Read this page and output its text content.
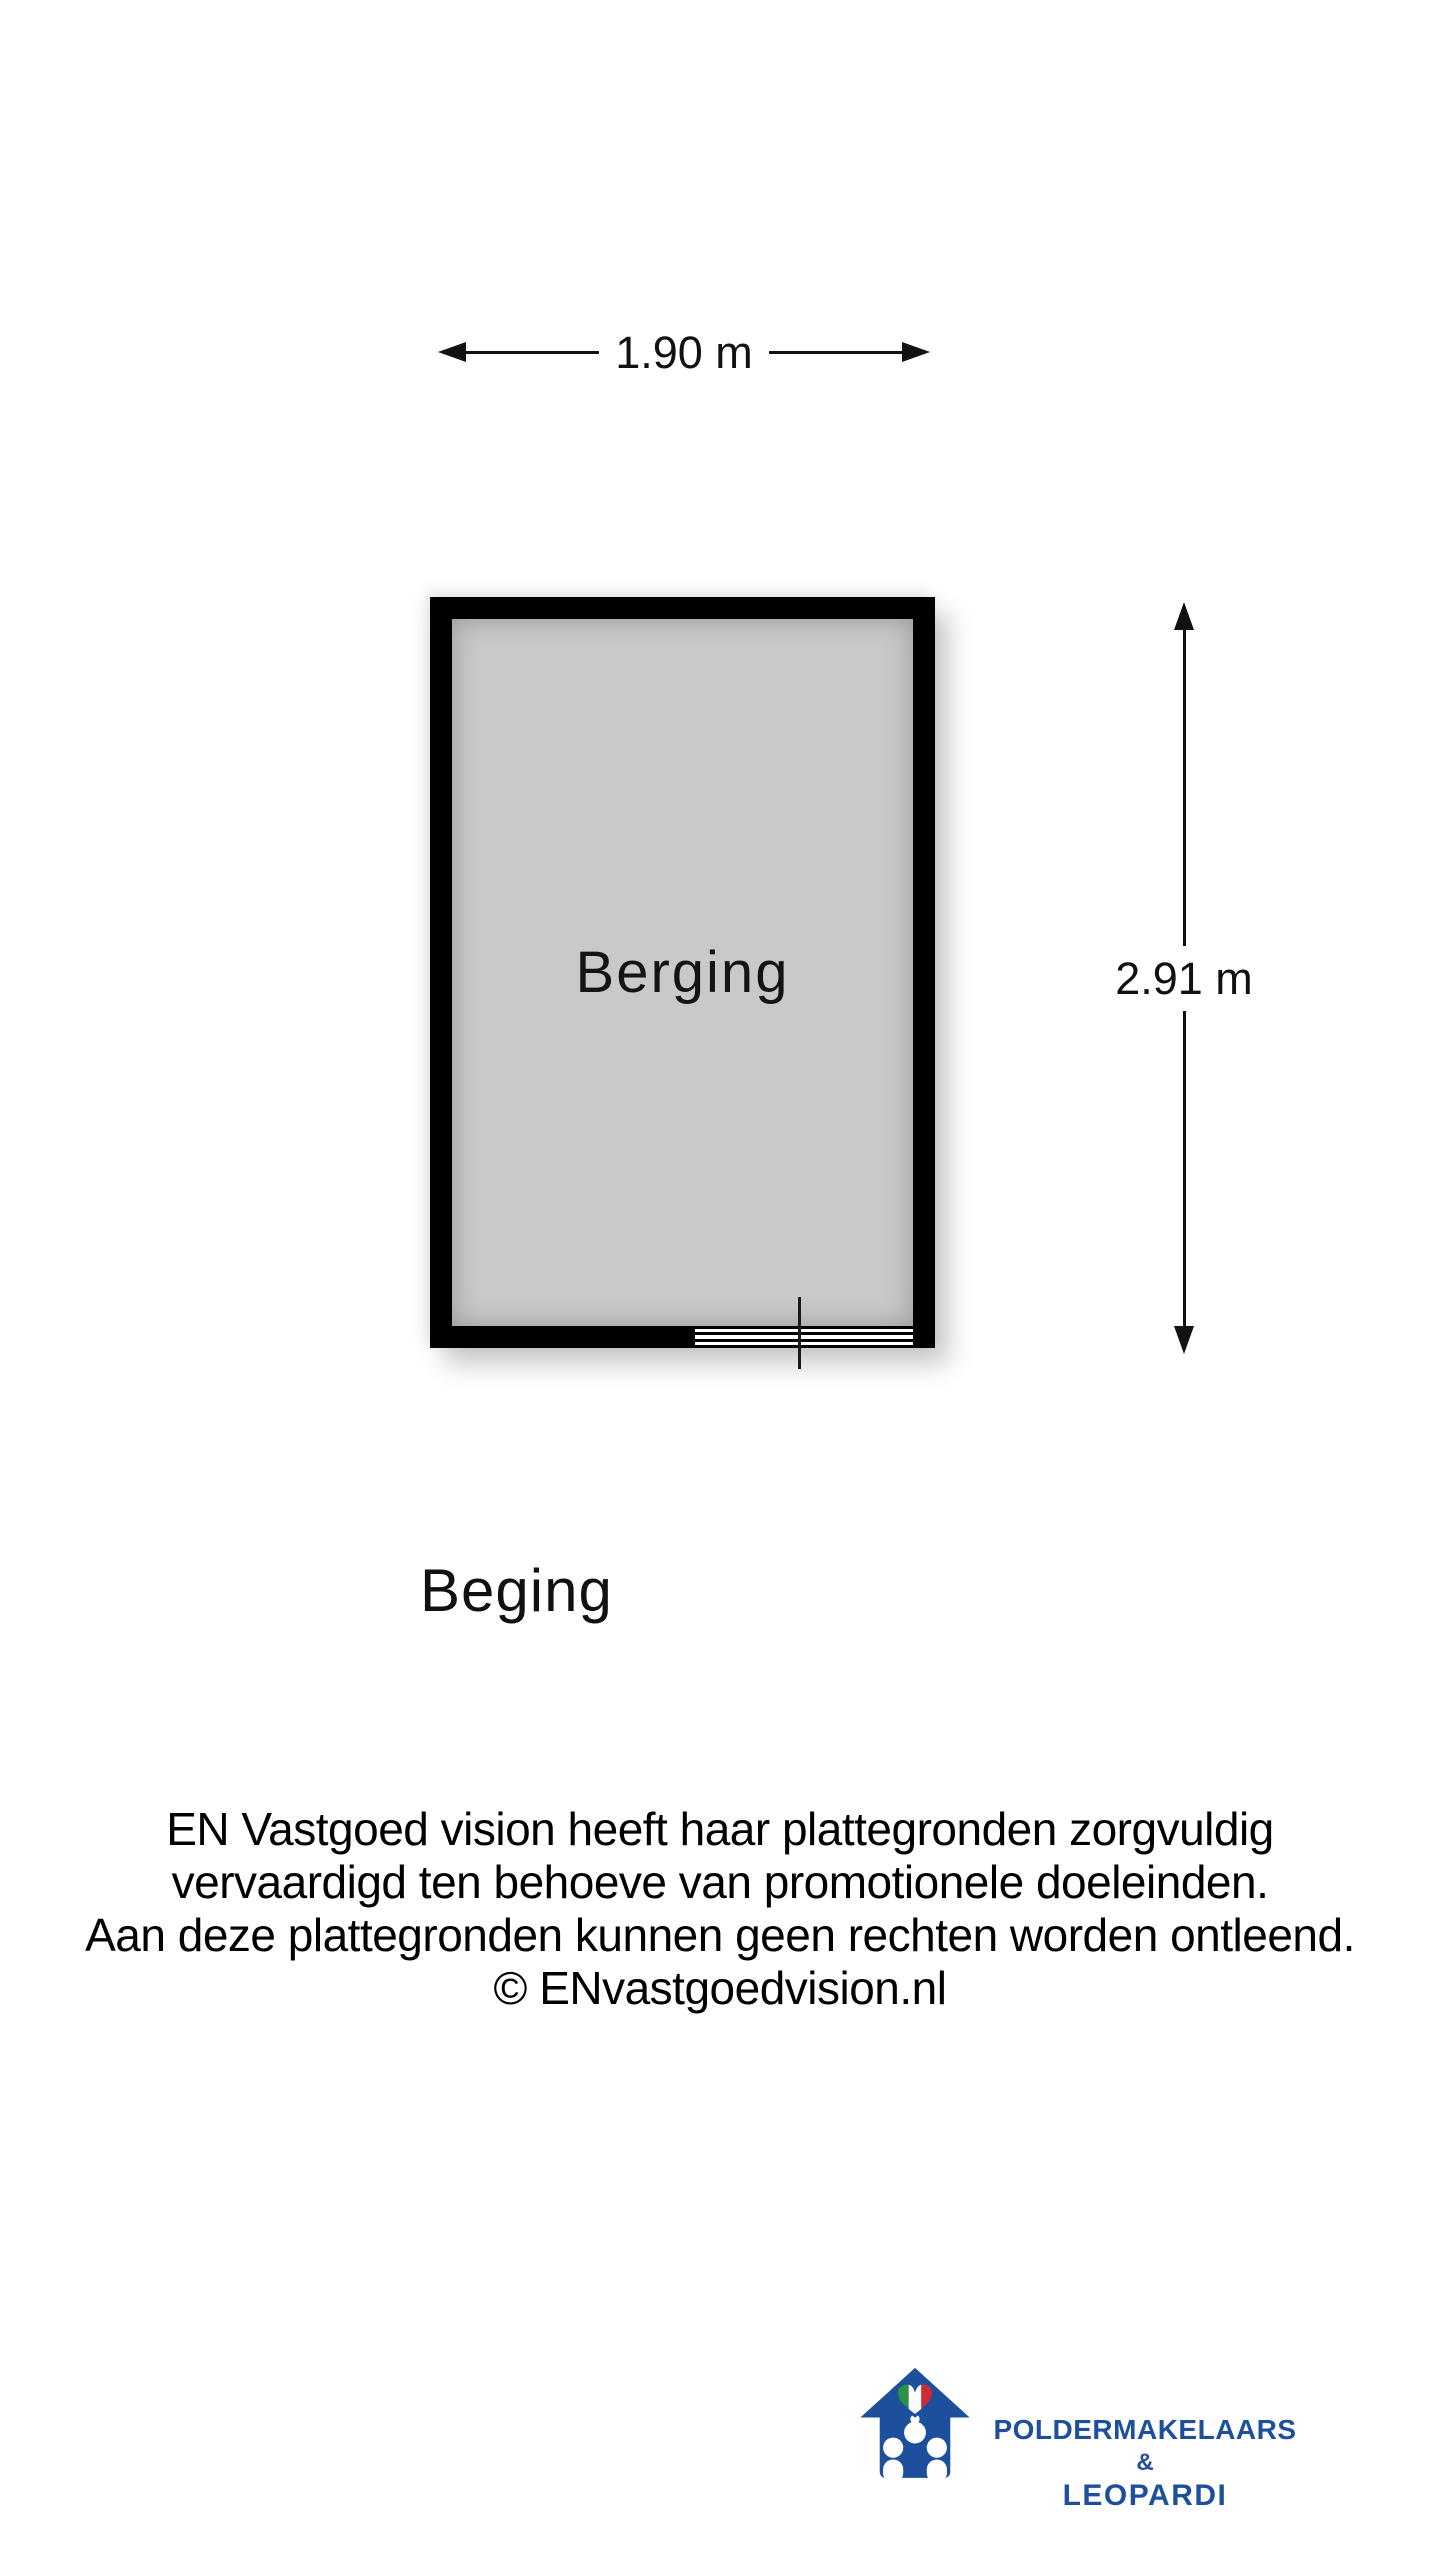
1.90 m
Berging	2.91 m
Beging
EN Vastgoed vision heeft haar plattegronden zorgvuldig
vervaardigd ten behoeve van promotionele doeleinden.
Aan deze plattegronden kunnen geen rechten worden ontleend.
© ENvastgoedvision.nl
POLDERMAKELAARS
&
LEOPARDI
